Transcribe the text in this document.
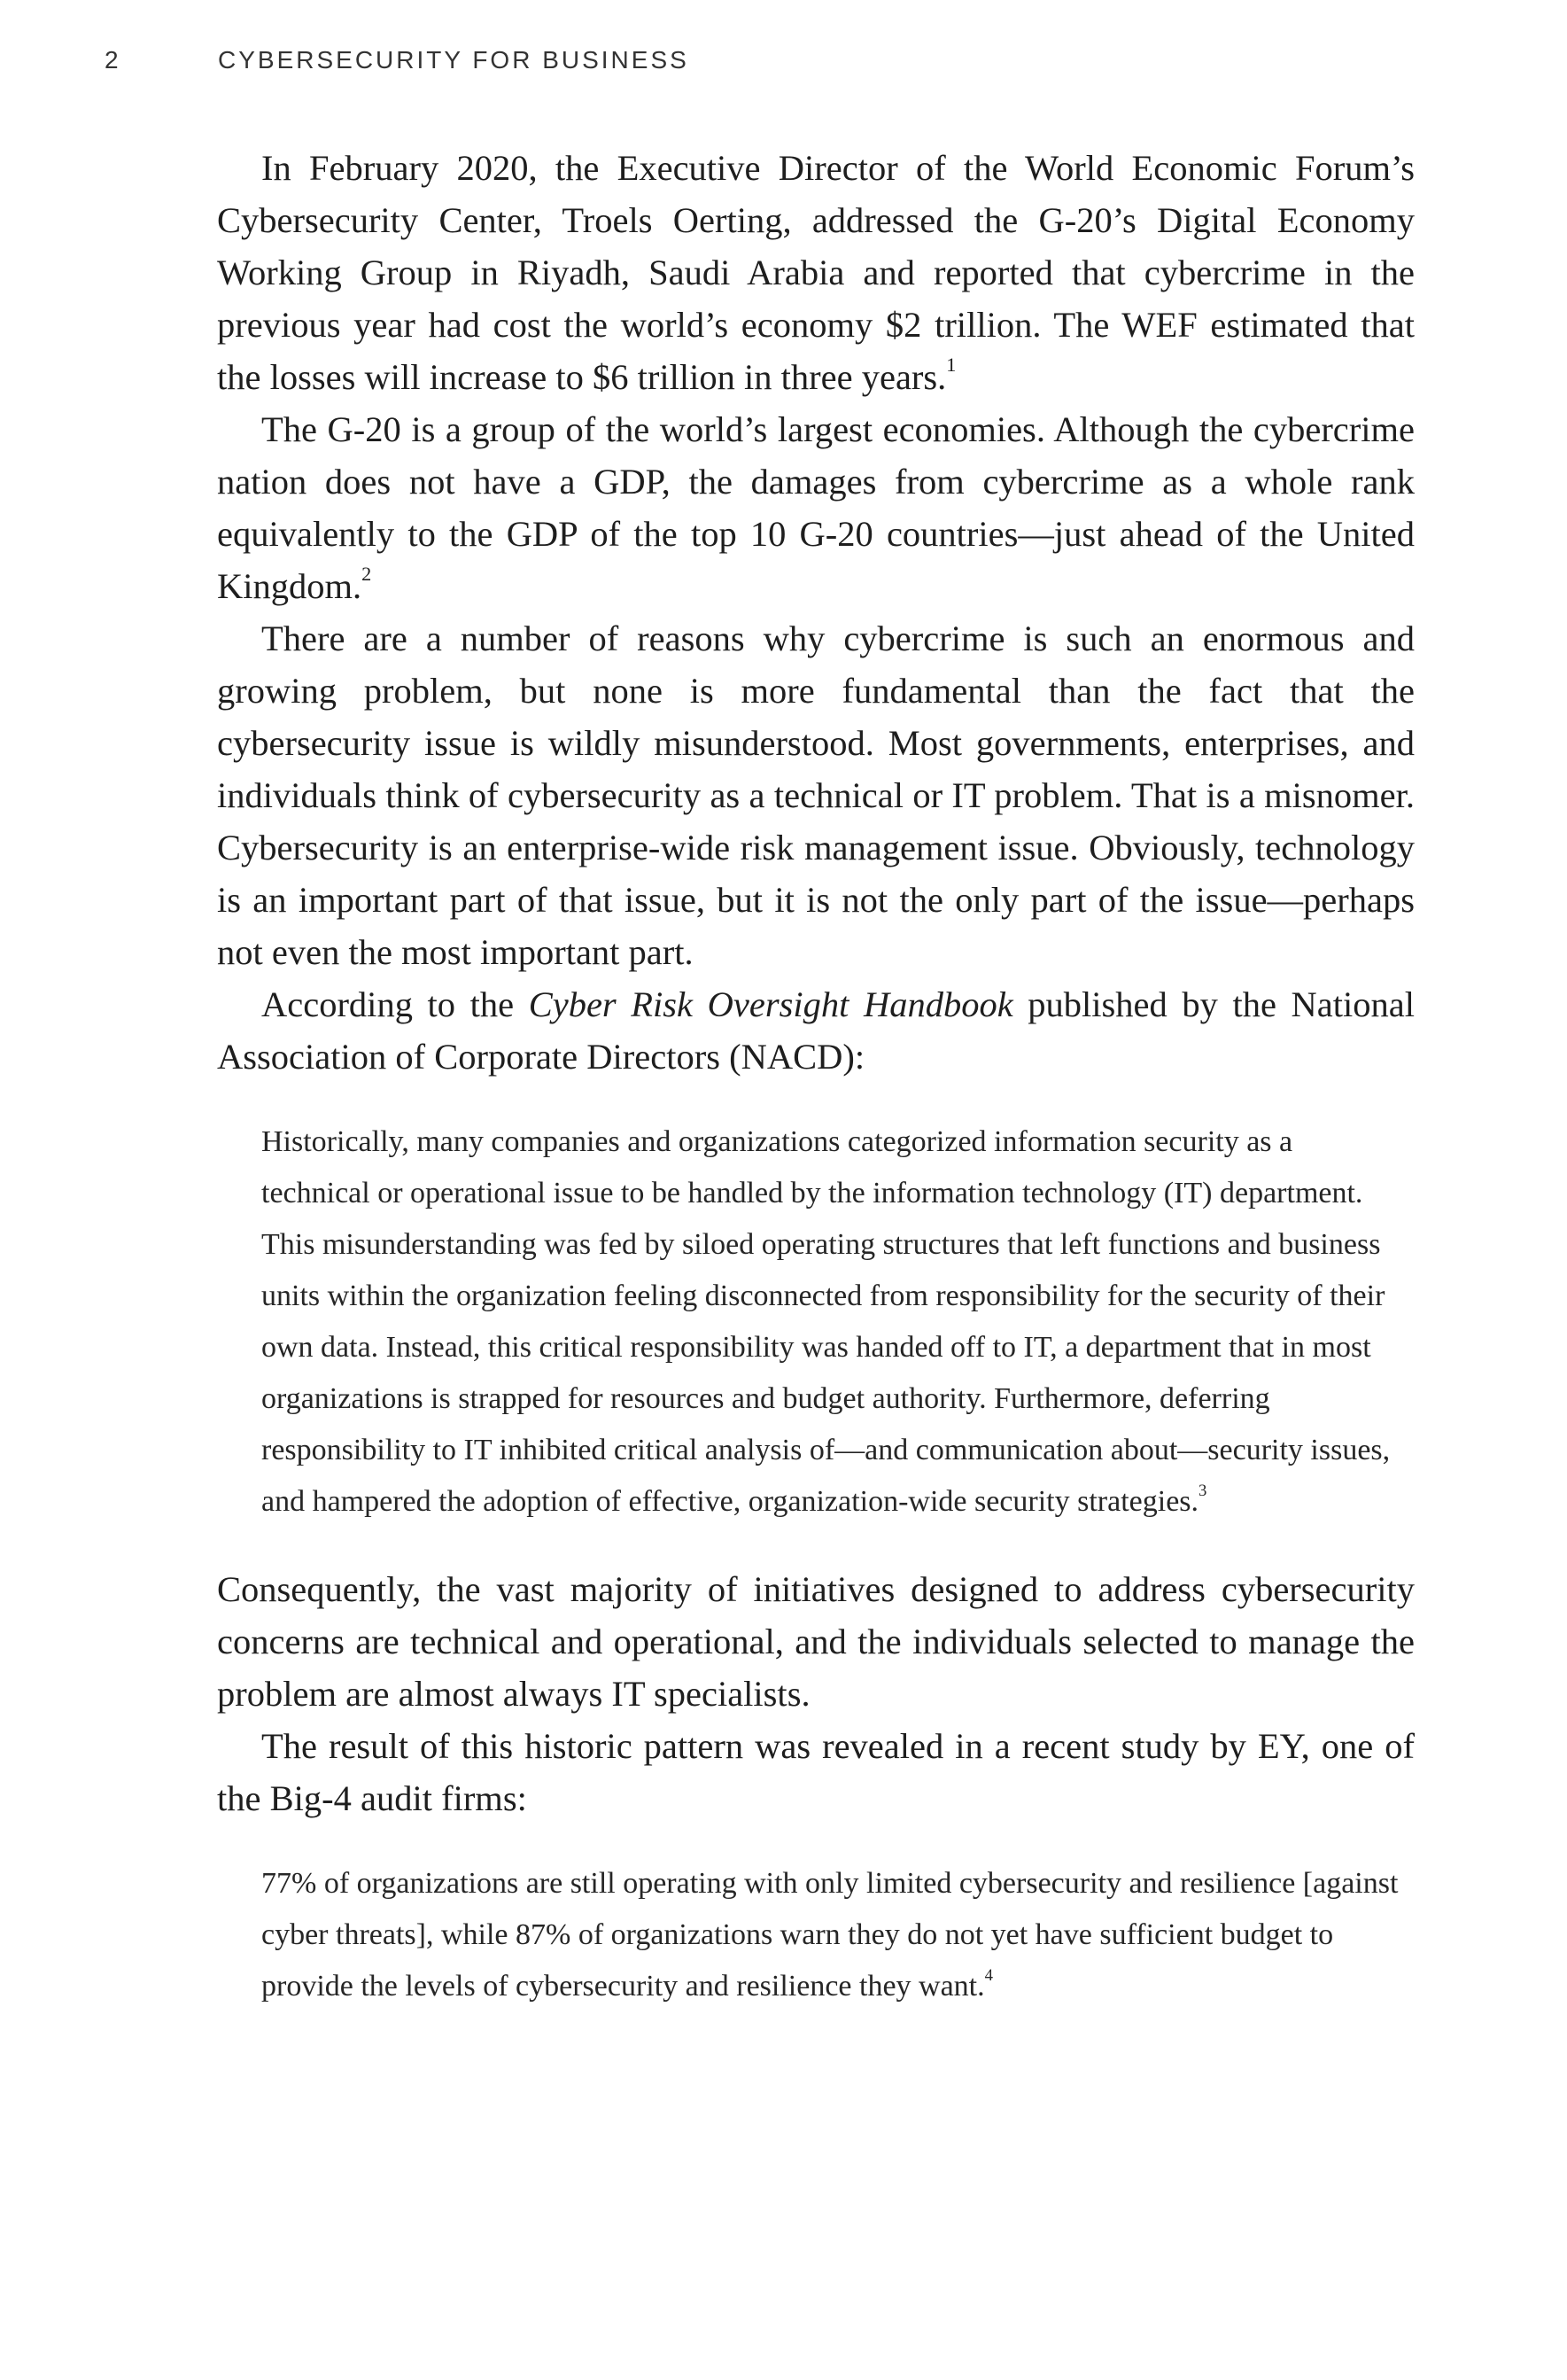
2	CYBERSECURITY FOR BUSINESS

In February 2020, the Executive Director of the World Economic Forum’s Cybersecurity Center, Troels Oerting, addressed the G-20’s Digital Economy Working Group in Riyadh, Saudi Arabia and reported that cybercrime in the previous year had cost the world’s economy $2 trillion. The WEF estimated that the losses will increase to $6 trillion in three years.$^1$

The G-20 is a group of the world’s largest economies. Although the cybercrime nation does not have a GDP, the damages from cybercrime as a whole rank equivalently to the GDP of the top 10 G-20 countries—just ahead of the United Kingdom.$^2$

There are a number of reasons why cybercrime is such an enormous and growing problem, but none is more fundamental than the fact that the cybersecurity issue is wildly misunderstood. Most governments, enterprises, and individuals think of cybersecurity as a technical or IT problem. That is a misnomer. Cybersecurity is an enterprise-wide risk management issue. Obviously, technology is an important part of that issue, but it is not the only part of the issue—perhaps not even the most important part.

According to the Cyber Risk Oversight Handbook published by the National Association of Corporate Directors (NACD):

Historically, many companies and organizations categorized information security as a technical or operational issue to be handled by the information technology (IT) department. This misunderstanding was fed by siloed operating structures that left functions and business units within the organization feeling disconnected from responsibility for the security of their own data. Instead, this critical responsibility was handed off to IT, a department that in most organizations is strapped for resources and budget authority. Furthermore, deferring responsibility to IT inhibited critical analysis of—and communication about—security issues, and hampered the adoption of effective, organization-wide security strategies.$^3$

Consequently, the vast majority of initiatives designed to address cybersecurity concerns are technical and operational, and the individuals selected to manage the problem are almost always IT specialists.

The result of this historic pattern was revealed in a recent study by EY, one of the Big-4 audit firms:

77% of organizations are still operating with only limited cybersecurity and resilience [against cyber threats], while 87% of organizations warn they do not yet have sufficient budget to provide the levels of cybersecurity and resilience they want.$^4$
